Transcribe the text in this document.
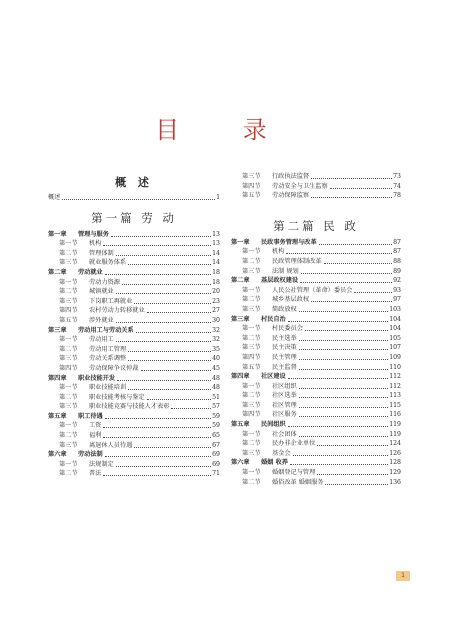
目 录
概 述
概述	1
第一篇 劳 动
第一章 管理与服务	13
第一节 机构	13
第二节 管理体制	14
第三节 就业服务体系	14
第二章 劳动就业	18
第一节 劳动力资源	18
第二节 城镇就业	20
第三节 下岗职工再就业	23
第四节 农村劳动力转移就业	27
第五节 涉外就业	30
第三章 劳动用工与劳动关系	32
第一节 劳动用工	32
第二节 劳动用工管理	35
第三节 劳动关系调整	40
第四节 劳动保障争议仲裁	45
第四章 职业技能开发	48
第一节 职业技能培训	48
第二节 职业技能考核与鉴定	51
第三节 职业技能竞赛与技能人才表彰	57
第五章 职工待遇	59
第一节 工资	59
第二节 福利	65
第三节 离退休人员待遇	67
第六章 劳动法制	69
第一节 法规制定	69
第二节 普法	71
第三节 行政执法监督	73
第四节 劳动安全与卫生监察	74
第五节 劳动保障监察	78
第二篇 民 政
第一章 民政事务管理与改革	87
第一节 机构	87
第二节 民政管理体制改革	88
第三节 法制 规划	89
第二章 基层政权建设	92
第一节 人民公社管理（革命）委员会	93
第二节 城乡基层政权	97
第三节 简政放权	103
第三章 村民自治	104
第一节 村民委员会	104
第二节 民主选举	105
第三节 民主决策	107
第四节 民主管理	109
第五节 民主监督	110
第四章 社区建设	112
第一节 社区组织	112
第二节 社区选举	113
第三节 社区管理	115
第四节 社区服务	116
第五章 民间组织	119
第一节 社会团体	119
第二节 民办非企业单位	124
第三节 基金会	126
第六章 婚姻 收养	128
第一节 婚姻登记与管理	129
第二节 婚俗改革 婚姻服务	136
1
